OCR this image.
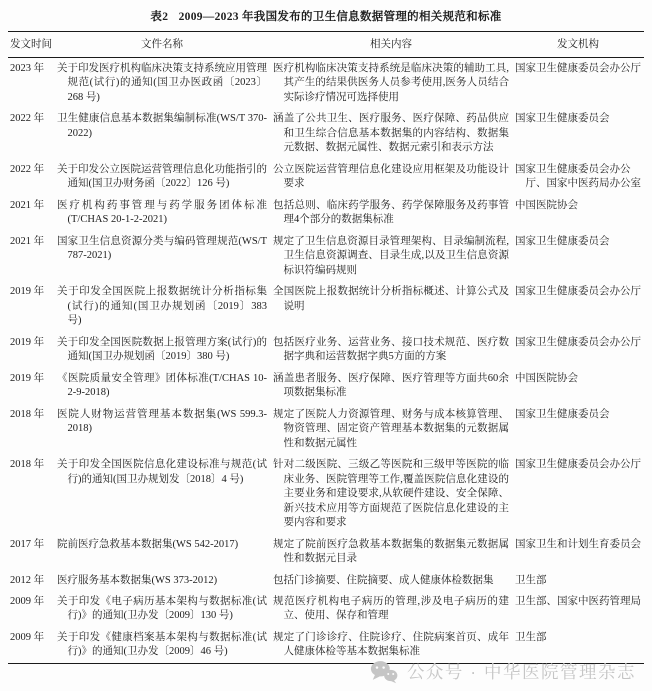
表2 2009—2023 年我国发布的卫生信息数据管理的相关规范和标准
发文时间	文件名称	相关内容	发文机构
2023 年	关于印发医疗机构临床决策支持系统应用管理规范(试行)的通知(国卫办医政函〔2023〕268 号)	医疗机构临床决策支持系统是临床决策的辅助工具,其产生的结果供医务人员参考使用,医务人员结合实际诊疗情况可选择使用	国家卫生健康委员会办公厅
2022 年	卫生健康信息基本数据集编制标准(WS/T 370-2022)	涵盖了公共卫生、医疗服务、医疗保障、药品供应和卫生综合信息基本数据集的内容结构、数据集元数据、数据元属性、数据元索引和表示方法	国家卫生健康委员会
2022 年	关于印发公立医院运营管理信息化功能指引的通知(国卫办财务函〔2022〕126 号)	公立医院运营管理信息化建设应用框架及功能设计要求	国家卫生健康委员会办公厅、国家中医药局办公室
2021 年	医疗机构药事管理与药学服务团体标准(T/CHAS 20-1-2-2021)	包括总则、临床药学服务、药学保障服务及药事管理4个部分的数据集标准	中国医院协会
2021 年	国家卫生信息资源分类与编码管理规范(WS/T 787-2021)	规定了卫生信息资源目录管理架构、目录编制流程,卫生信息资源调查、目录生成,以及卫生信息资源标识符编码规则	国家卫生健康委员会
2019 年	关于印发全国医院上报数据统计分析指标集(试行)的通知(国卫办规划函〔2019〕383 号)	全国医院上报数据统计分析指标概述、计算公式及说明	国家卫生健康委员会办公厅
2019 年	关于印发全国医院数据上报管理方案(试行)的通知(国卫办规划函〔2019〕380 号)	包括医疗业务、运营业务、接口技术规范、医疗数据字典和运营数据字典5方面的方案	国家卫生健康委员会办公厅
2019 年	《医院质量安全管理》团体标准(T/CHAS 10-2-9-2018)	涵盖患者服务、医疗保障、医疗管理等方面共60余项数据集标准	中国医院协会
2018 年	医院人财物运营管理基本数据集(WS 599.3-2018)	规定了医院人力资源管理、财务与成本核算管理、物资管理、固定资产管理基本数据集的元数据属性和数据元属性	国家卫生健康委员会
2018 年	关于印发全国医院信息化建设标准与规范(试行)的通知(国卫办规划发〔2018〕4 号)	针对二级医院、三级乙等医院和三级甲等医院的临床业务、医院管理等工作,覆盖医院信息化建设的主要业务和建设要求,从软硬件建设、安全保障、新兴技术应用等方面规范了医院信息化建设的主要内容和要求	国家卫生健康委员会办公厅
2017 年	院前医疗急救基本数据集(WS 542-2017)	规定了院前医疗急救基本数据集的数据集元数据属性和数据元目录	国家卫生和计划生育委员会
2012 年	医疗服务基本数据集(WS 373-2012)	包括门诊摘要、住院摘要、成人健康体检数据集	卫生部
2009 年	关于印发《电子病历基本架构与数据标准(试行)》的通知(卫办发〔2009〕130 号)	规范医疗机构电子病历的管理,涉及电子病历的建立、使用、保存和管理	卫生部、国家中医药管理局
2009 年	关于印发《健康档案基本架构与数据标准(试行)》的通知(卫办发〔2009〕46 号)	规定了门诊诊疗、住院诊疗、住院病案首页、成年人健康体检等基本数据集标准	卫生部
公众号 · 中华医院管理杂志
